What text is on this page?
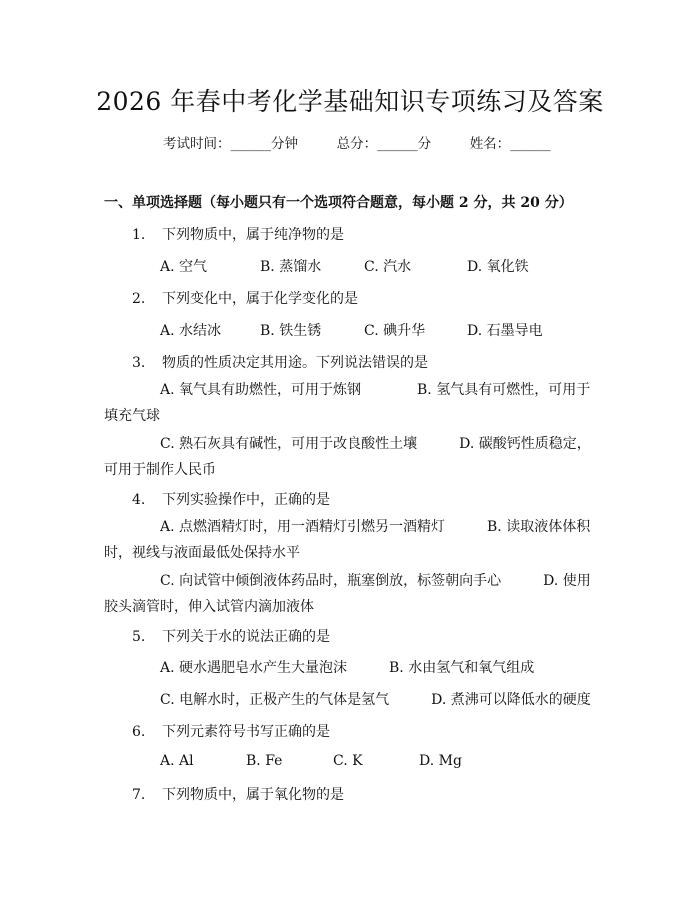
2026 年春中考化学基础知识专项练习及答案
考试时间：______分钟	总分：______分	姓名：______
一、单项选择题（每小题只有一个选项符合题意，每小题 2 分，共 20 分）
1. 下列物质中，属于纯净物的是
A. 空气	B. 蒸馏水	C. 汽水	D. 氧化铁
2. 下列变化中，属于化学变化的是
A. 水结冰	B. 铁生锈	C. 碘升华	D. 石墨导电
3. 物质的性质决定其用途。下列说法错误的是
A. 氧气具有助燃性，可用于炼钢　　　　B. 氢气具有可燃性，可用于填充气球
C. 熟石灰具有碱性，可用于改良酸性土壤　　　D. 碳酸钙性质稳定，可用于制作人民币
4. 下列实验操作中，正确的是
A. 点燃酒精灯时，用一酒精灯引燃另一酒精灯　　　B. 读取液体体积时，视线与液面最低处保持水平
C. 向试管中倾倒液体药品时，瓶塞倒放，标签朝向手心　　　D. 使用胶头滴管时，伸入试管内滴加液体
5. 下列关于水的说法正确的是
A. 硬水遇肥皂水产生大量泡沫　　　B. 水由氢气和氧气组成
C. 电解水时，正极产生的气体是氢气　　　D. 煮沸可以降低水的硬度
6. 下列元素符号书写正确的是
A. Al	B. Fe	C. K	D. Mg
7. 下列物质中，属于氧化物的是
